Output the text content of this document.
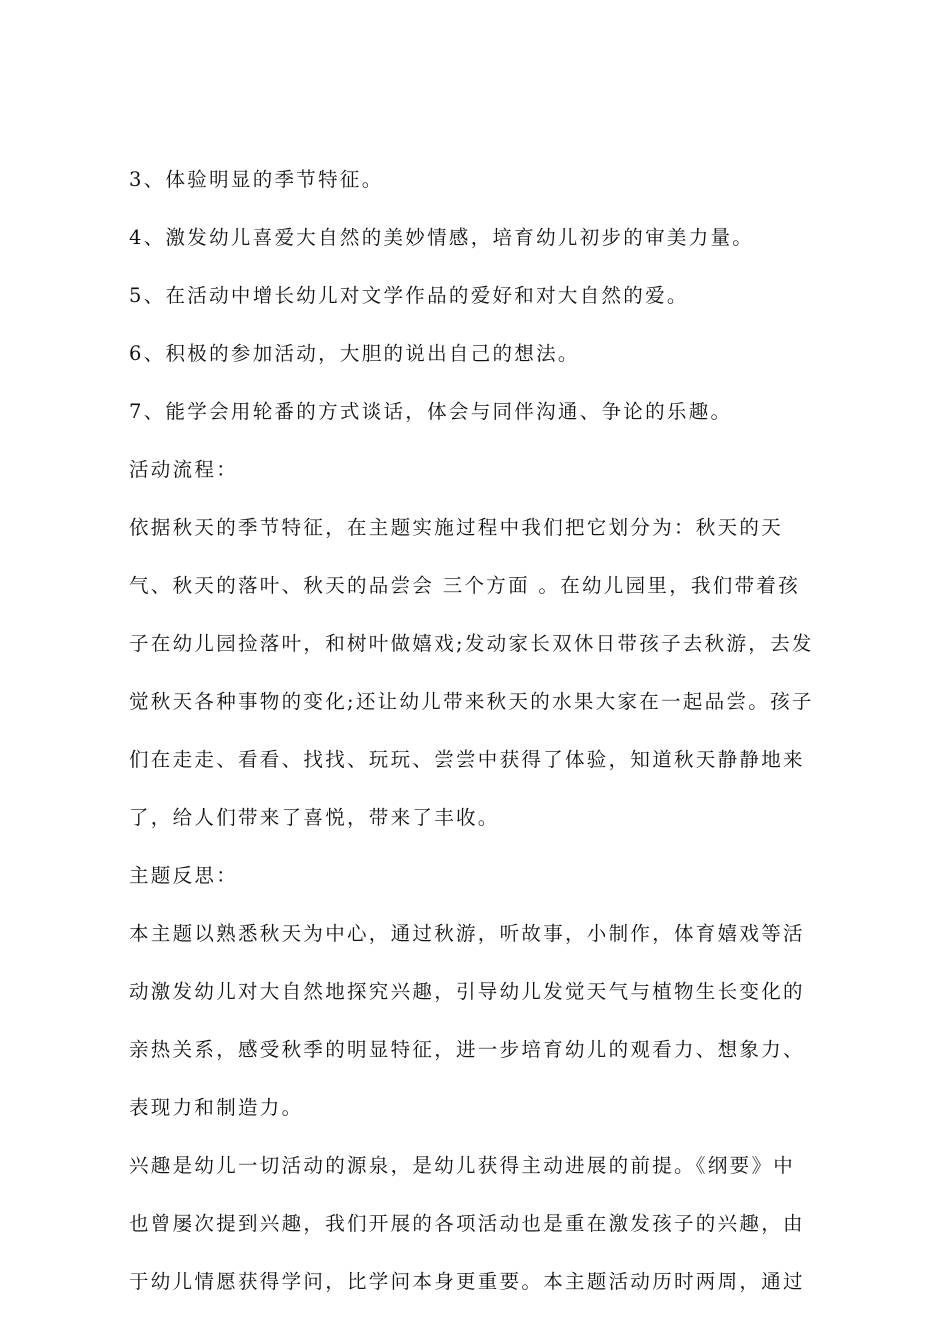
3、体验明显的季节特征。
4、激发幼儿喜爱大自然的美妙情感，培育幼儿初步的审美力量。
5、在活动中增长幼儿对文学作品的爱好和对大自然的爱。
6、积极的参加活动，大胆的说出自己的想法。
7、能学会用轮番的方式谈话，体会与同伴沟通、争论的乐趣。
活动流程：
依据秋天的季节特征，在主题实施过程中我们把它划分为：秋天的天
气、秋天的落叶、秋天的品尝会 三个方面 。在幼儿园里，我们带着孩
子在幼儿园捡落叶，和树叶做嬉戏;发动家长双休日带孩子去秋游，去发
觉秋天各种事物的变化;还让幼儿带来秋天的水果大家在一起品尝。孩子
们在走走、看看、找找、玩玩、尝尝中获得了体验，知道秋天静静地来
了，给人们带来了喜悦，带来了丰收。
主题反思：
本主题以熟悉秋天为中心，通过秋游，听故事，小制作，体育嬉戏等活
动激发幼儿对大自然地探究兴趣，引导幼儿发觉天气与植物生长变化的
亲热关系，感受秋季的明显特征，进一步培育幼儿的观看力、想象力、
表现力和制造力。
兴趣是幼儿一切活动的源泉，是幼儿获得主动进展的前提。《纲要》中
也曾屡次提到兴趣，我们开展的各项活动也是重在激发孩子的兴趣，由
于幼儿情愿获得学问，比学问本身更重要。本主题活动历时两周，通过
